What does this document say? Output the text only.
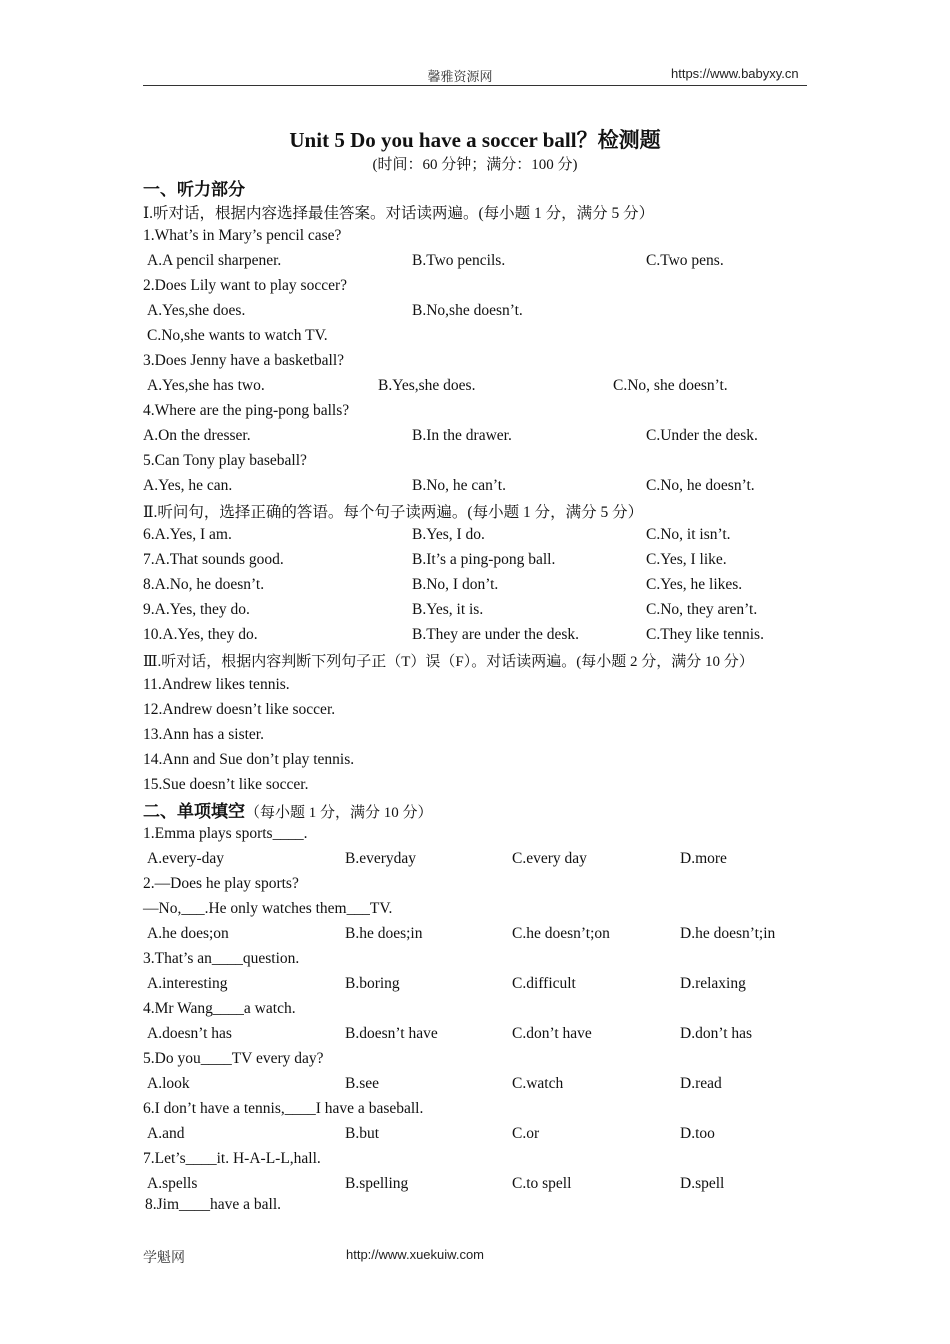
馨雅资源网	https://www.babyxy.cn
Unit 5 Do you have a soccer ball？检测题
(时间：60 分钟；满分：100 分)
一、听力部分
Ⅰ.听对话，根据内容选择最佳答案。对话读两遍。(每小题 1 分，满分 5 分）
1.What’s in Mary’s pencil case?
A.A pencil sharpener.	B.Two pencils.	C.Two pens.
2.Does Lily want to play soccer?
A.Yes,she does.	B.No,she doesn’t.
C.No,she wants to watch TV.
3.Does Jenny have a basketball?
A.Yes,she has two.	B.Yes,she does.	C.No, she doesn’t.
4.Where are the ping-pong balls?
A.On the dresser.	B.In the drawer.	C.Under the desk.
5.Can Tony play baseball?
A.Yes, he can.	B.No, he can’t.	C.No, he doesn’t.
Ⅱ.听问句，选择正确的答语。每个句子读两遍。(每小题 1 分，满分 5 分）
6.A.Yes, I am.	B.Yes, I do.	C.No, it isn’t.
7.A.That sounds good.	B.It’s a ping-pong ball.	C.Yes, I like.
8.A.No, he doesn’t.	B.No, I don’t.	C.Yes, he likes.
9.A.Yes, they do.	B.Yes, it is.	C.No, they aren’t.
10.A.Yes, they do.	B.They are under the desk.	C.They like tennis.
Ⅲ.听对话，根据内容判断下列句子正（T）误（F）。对话读两遍。(每小题 2 分，满分 10 分）
11.Andrew likes tennis.
12.Andrew doesn’t like soccer.
13.Ann has a sister.
14.Ann and Sue don’t play tennis.
15.Sue doesn’t like soccer.
二、单项填空（每小题 1 分，满分 10 分）
1.Emma plays sports____.
A.every-day	B.everyday	C.every day	D.more
2.—Does he play sports?
—No,___.He only watches them___TV.
A.he does;on	B.he does;in	C.he doesn’t;on	D.he doesn’t;in
3.That’s an____question.
A.interesting	B.boring	C.difficult	D.relaxing
4.Mr Wang____a watch.
A.doesn’t has	B.doesn’t have	C.don’t have	D.don’t has
5.Do you____TV every day?
A.look	B.see	C.watch	D.read
6.I don’t have a tennis,____I have a baseball.
A.and	B.but	C.or	D.too
7.Let’s____it. H-A-L-L,hall.
A.spells	B.spelling	C.to spell	D.spell
8.Jim____have a ball.
学魁网	http://www.xuekuiw.com
